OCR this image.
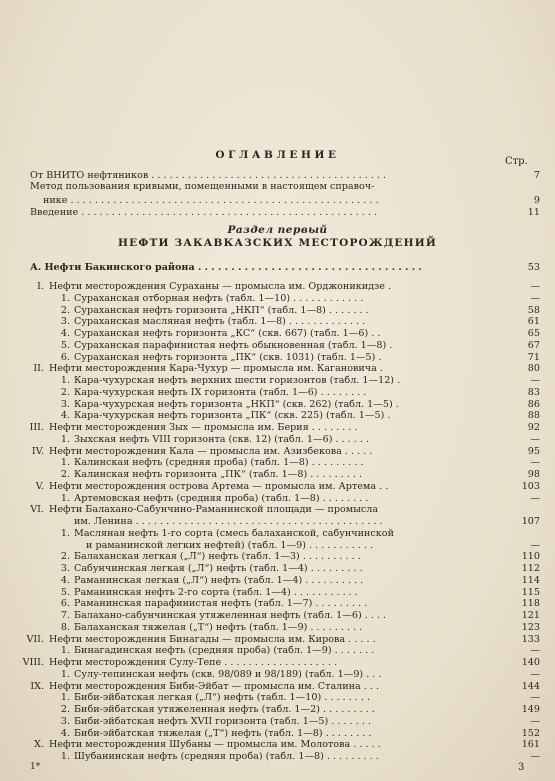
ОГЛАВЛЕНИЕ
Стр.
От ВНИТО нефтяников . . . . . . . . . . . . . . . . . . . . . . . . . . . . . . . . . . . . . . .	7
Метод пользования кривыми, помещенными в настоящем справоч-
нике . . . . . . . . . . . . . . . . . . . . . . . . . . . . . . . . . . . . . . . . . . . . . . . . . . .	9
Введение . . . . . . . . . . . . . . . . . . . . . . . . . . . . . . . . . . . . . . . . . . . . . . . . .	11
Раздел первый
НЕФТИ ЗАКАВКАЗСКИХ МЕСТОРОЖДЕНИЙ
А. Нефти Бакинского района . . . . . . . . . . . . . . . . . . . . . . . . . . . . . . . . . .	53
I. Нефти месторождения Сураханы — промысла им. Орджоникидзе .	—
1. Сураханская отборная нефть (табл. 1—10) . . . . . . . . . . . .	—
2. Сураханская нефть горизонта „НКП“ (табл. 1—8) . . . . . . .	58
3. Сураханская масляная нефть (табл. 1—8) . . . . . . . . . . . . .	61
4. Сураханская нефть горизонта „КС“ (скв. 667) (табл. 1—6) . .	65
5. Сураханская парафинистая нефть обыкновенная (табл. 1—8) .	67
6. Сураханская нефть горизонта „ПК“ (скв. 1031) (табл. 1—5) .	71
II. Нефти месторождения Кара-Чухур — промысла им. Кагановича .	80
1. Кара-чухурская нефть верхних шести горизонтов (табл. 1—12) .	—
2. Кара-чухурская нефть IX горизонта (табл. 1—6) . . . . . . . .	83
3. Кара-чухурская нефть горизонта „НКП“ (скв. 262) (табл. 1—5) .	86
4. Кара-чухурская нефть горизонта „ПК“ (скв. 225) (табл. 1—5) .	88
III. Нефти месторождения Зых — промысла им. Берия . . . . . . . .	92
1. Зыхская нефть VIII горизонта (скв. 12) (табл. 1—6) . . . . . .	—
IV. Нефти месторождения Кала — промысла им. Азизбекова . . . . .	95
1. Калинская нефть (средняя проба) (табл. 1—8) . . . . . . . . .	—
2. Калинская нефть горизонта „ПК“ (табл. 1—8) . . . . . . . . .	98
V. Нефти месторождения острова Артема — промысла им. Артема . .	103
1. Артемовская нефть (средняя проба) (табл. 1—8) . . . . . . . .	—
VI. Нефти Балахано-Сабунчино-Раманинской площади — промысла
им. Ленина . . . . . . . . . . . . . . . . . . . . . . . . . . . . . . . . . . . . . . . . .	107
1. Масляная нефть 1-го сорта (смесь балаханской, сабунчинской
и раманинской легких нефтей) (табл. 1—9) . . . . . . . . . . .	—
2. Балаханская легкая („Л“) нефть (табл. 1—3) . . . . . . . . . .	110
3. Сабунчинская легкая („Л“) нефть (табл. 1—4) . . . . . . . . .	112
4. Раманинская легкая („Л“) нефть (табл. 1—4) . . . . . . . . . .	114
5. Раманинская нефть 2-го сорта (табл. 1—4) . . . . . . . . . . .	115
6. Раманинская парафинистая нефть (табл. 1—7) . . . . . . . . .	118
7. Балахано-сабунчинская утяжеленная нефть (табл. 1—6) . . . .	121
8. Балаханская тяжелая („Т“) нефть (табл. 1—9) . . . . . . . . .	123
VII. Нефти месторождения Бинагады — промысла им. Кирова . . . . .	133
1. Бинагадинская нефть (средняя проба) (табл. 1—9) . . . . . . .	—
VIII. Нефти месторождения Сулу-Тепе . . . . . . . . . . . . . . . . . . .	140
1. Сулу-тепинская нефть (скв. 98/089 и 98/189) (табл. 1—9) . . .	—
IX. Нефти месторождения Биби-Эйбат — промысла им. Сталина . . .	144
1. Биби-эйбатская легкая („Л“) нефть (табл. 1—10) . . . . . . . .	—
2. Биби-эйбатская утяжеленная нефть (табл. 1—2) . . . . . . . . .	149
3. Биби-эйбатская нефть XVII горизонта (табл. 1—5) . . . . . . .	—
4. Биби-эйбатская тяжелая („Т“) нефть (табл. 1—8) . . . . . . . .	152
X. Нефти месторождения Шубаны — промысла им. Молотова . . . . .	161
1. Шубанинская нефть (средняя проба) (табл. 1—8) . . . . . . . . .	—
1*	3
